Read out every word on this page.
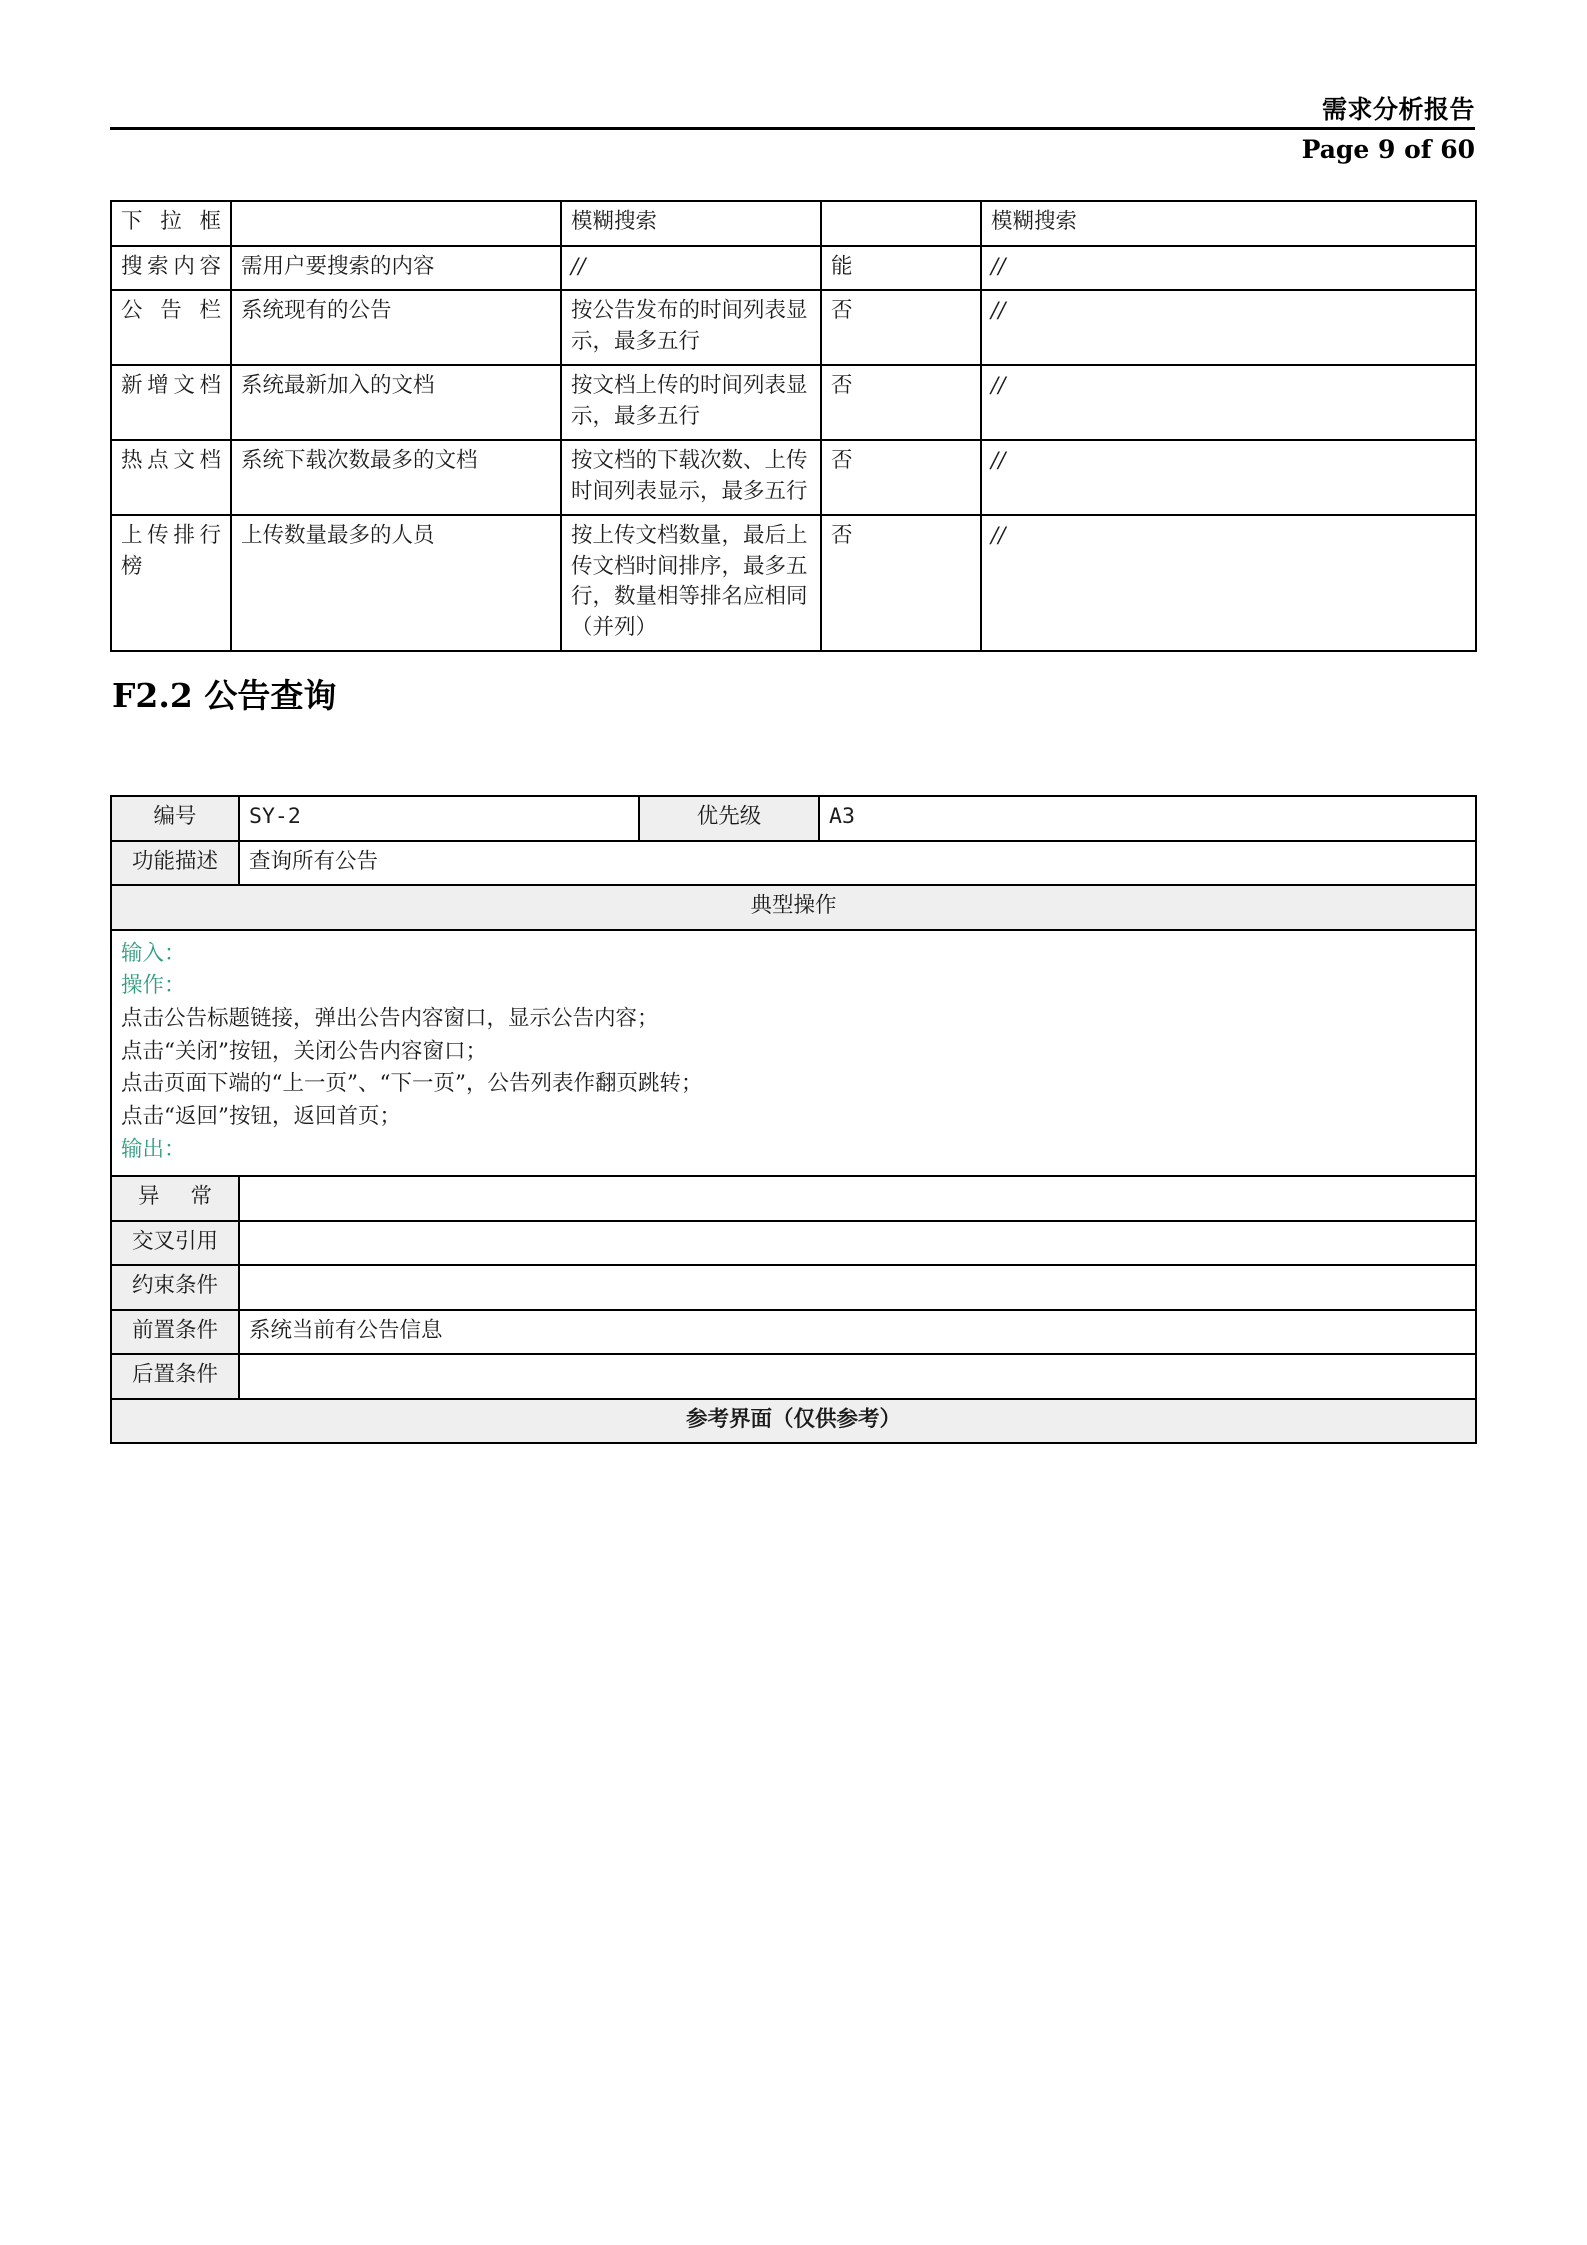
需求分析报告
Page 9 of 60
下拉框		模糊搜索		模糊搜索
搜索内容	需用户要搜索的内容	//	能	//
公告栏	系统现有的公告	按公告发布的时间列表显示，最多五行	否	//
新增文档	系统最新加入的文档	按文档上传的时间列表显示，最多五行	否	//
热点文档	系统下载次数最多的文档	按文档的下载次数、上传时间列表显示，最多五行	否	//
上传排行榜	上传数量最多的人员	按上传文档数量，最后上传文档时间排序，最多五行，数量相等排名应相同（并列）	否	//
F2.2 公告查询
编号	SY-2	优先级	A3
功能描述	查询所有公告		
典型操作			

输入：
操作：
点击公告标题链接，弹出公告内容窗口，显示公告内容；
点击“关闭”按钮，关闭公告内容窗口；
点击页面下端的“上一页”、“下一页”，公告列表作翻页跳转；
点击“返回”按钮，返回首页；
输出：

异常			

交叉引用			

约束条件			

前置条件	系统当前有公告信息		
后置条件			

参考界面（仅供参考）			
